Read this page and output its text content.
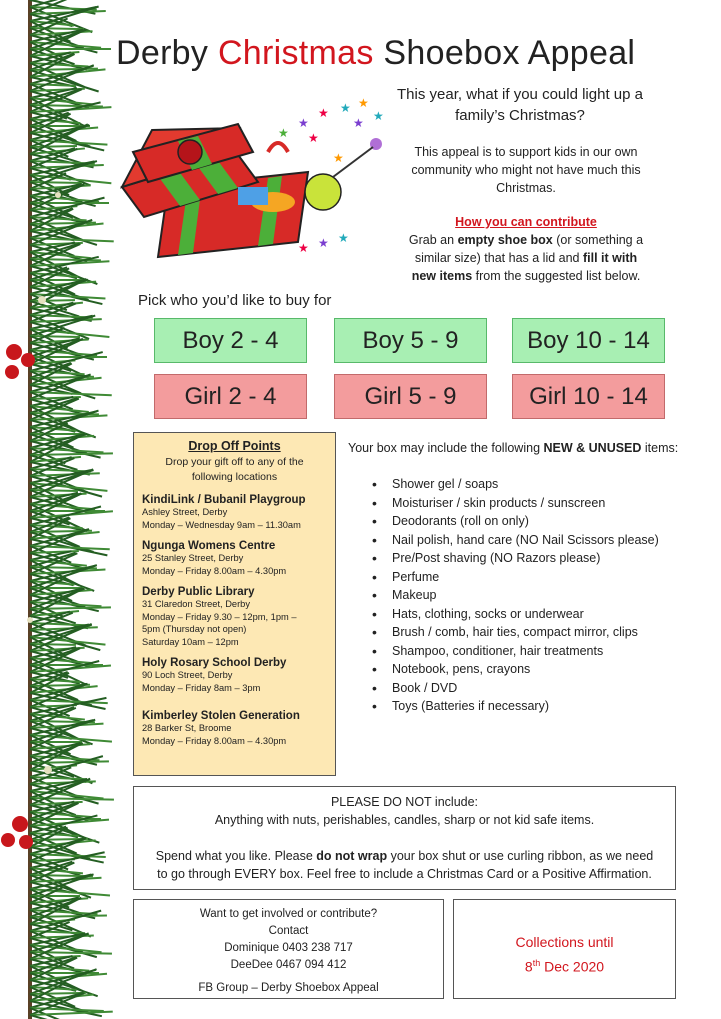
Derby Christmas Shoebox Appeal
★
★ ★ ★
★
★ ★
★
★
★ ★ ★
This year, what if you could light up a
family’s Christmas?
This appeal is to support kids in our own
community who might not have much this
Christmas.
How you can contribute
Grab an empty shoe box (or something a
similar size) that has a lid and fill it with
new items from the suggested list below.
Pick who you’d like to buy for
Boy 2 - 4	Boy 5 - 9	Boy 10 - 14
Girl 2 - 4	Girl 5 - 9	Girl 10 - 14
Drop Off Points
Drop your gift off to any of the
following locations
KindiLink / Bubanil Playgroup
Ashley Street, Derby
Monday – Wednesday 9am – 11.30am
Ngunga Womens Centre
25 Stanley Street, Derby
Monday – Friday 8.00am – 4.30pm
Derby Public Library
31 Claredon Street, Derby
Monday – Friday 9.30 – 12pm, 1pm –
5pm (Thursday not open)
Saturday 10am – 12pm
Holy Rosary School Derby
90 Loch Street, Derby
Monday – Friday 8am – 3pm
Kimberley Stolen Generation
28 Barker St, Broome
Monday – Friday 8.00am – 4.30pm
Your box may include the following NEW & UNUSED items:
• Shower gel / soaps
• Moisturiser / skin products / sunscreen
• Deodorants (roll on only)
• Nail polish, hand care (NO Nail Scissors please)
• Pre/Post shaving (NO Razors please)
• Perfume
• Makeup
• Hats, clothing, socks or underwear
• Brush / comb, hair ties, compact mirror, clips
• Shampoo, conditioner, hair treatments
• Notebook, pens, crayons
• Book / DVD
• Toys (Batteries if necessary)
PLEASE DO NOT include:
Anything with nuts, perishables, candles, sharp or not kid safe items.
Spend what you like. Please do not wrap your box shut or use curling ribbon, as we need
to go through EVERY box. Feel free to include a Christmas Card or a Positive Affirmation.
Want to get involved or contribute?
Contact
Dominique 0403 238 717
DeeDee 0467 094 412
FB Group – Derby Shoebox Appeal
Collections until
8th Dec 2020
